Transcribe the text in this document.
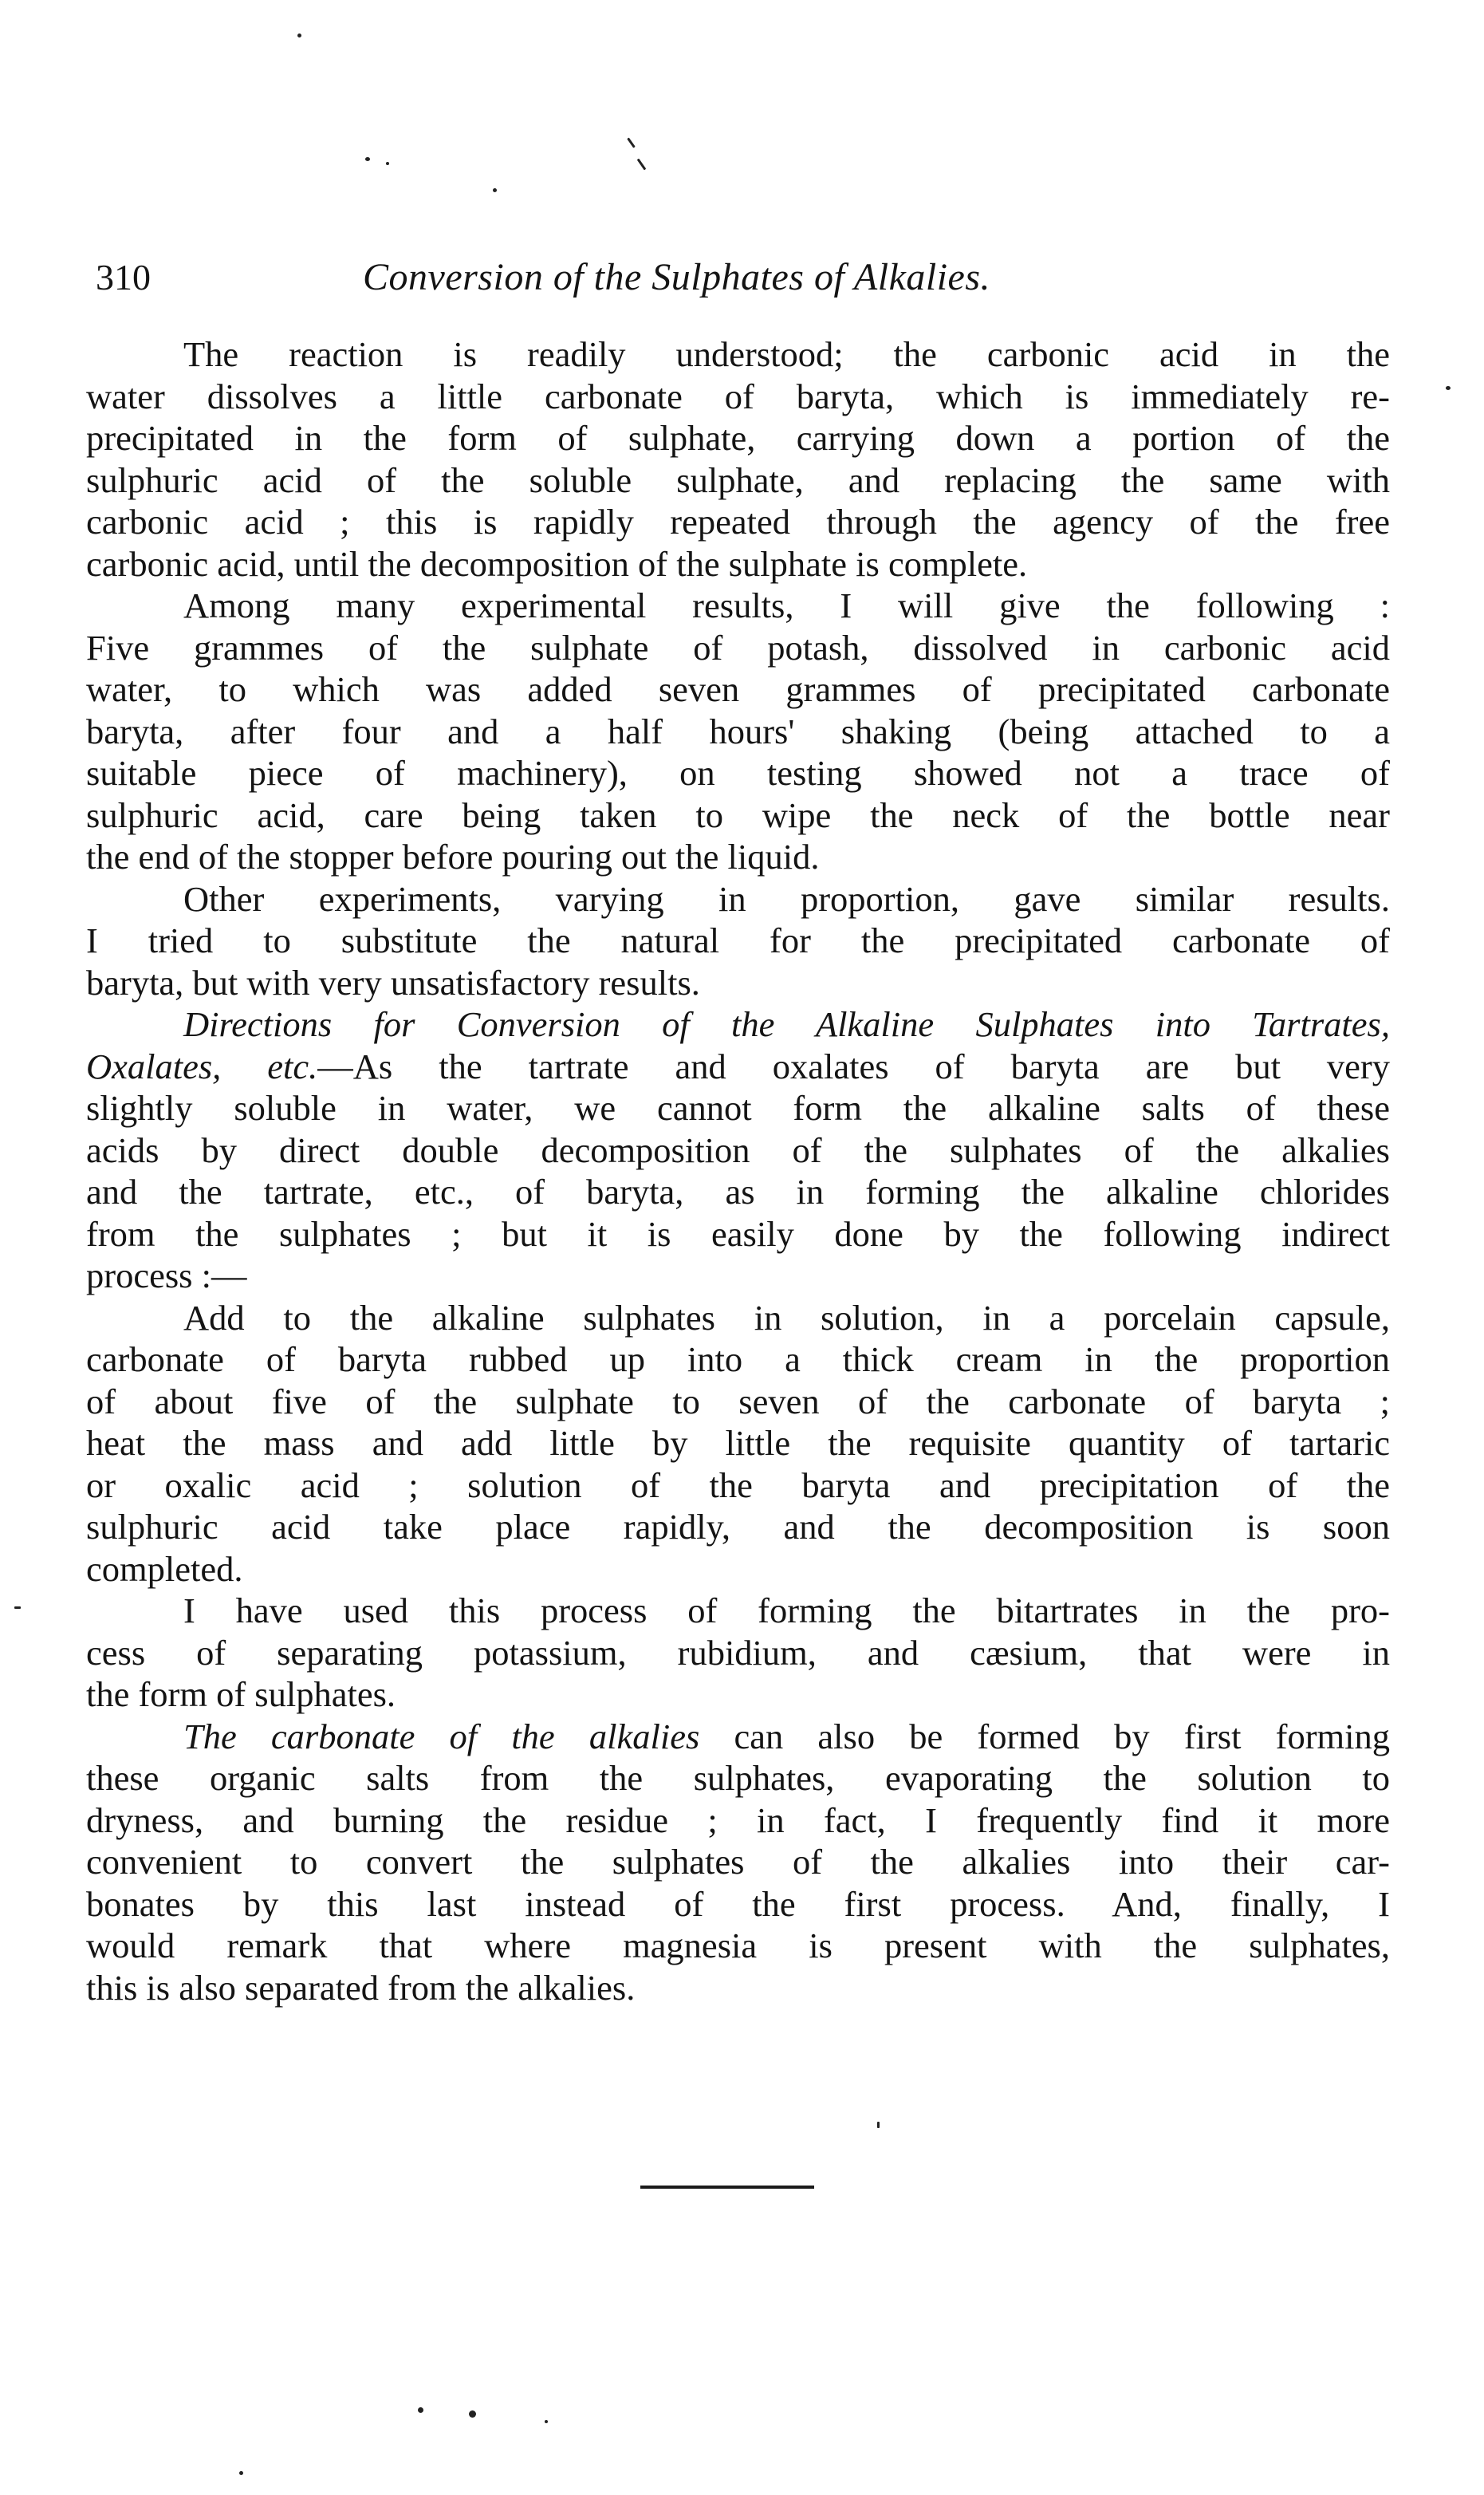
310	Conversion of the Sulphates of Alkalies.

The reaction is readily understood; the carbonic acid in the
water dissolves a little carbonate of baryta, which is immediately re-
precipitated in the form of sulphate, carrying down a portion of the
sulphuric acid of the soluble sulphate, and replacing the same with
carbonic acid ; this is rapidly repeated through the agency of the free
carbonic acid, until the decomposition of the sulphate is complete.

Among many experimental results, I will give the following :
Five grammes of the sulphate of potash, dissolved in carbonic acid
water, to which was added seven grammes of precipitated carbonate
baryta, after four and a half hours' shaking (being attached to a
suitable piece of machinery), on testing showed not a trace of
sulphuric acid, care being taken to wipe the neck of the bottle near
the end of the stopper before pouring out the liquid.

Other experiments, varying in proportion, gave similar results.
I tried to substitute the natural for the precipitated carbonate of
baryta, but with very unsatisfactory results.

Directions for Conversion of the Alkaline Sulphates into Tartrates,
Oxalates, etc.—As the tartrate and oxalates of baryta are but very
slightly soluble in water, we cannot form the alkaline salts of these
acids by direct double decomposition of the sulphates of the alkalies
and the tartrate, etc., of baryta, as in forming the alkaline chlorides
from the sulphates ; but it is easily done by the following indirect
process :—

Add to the alkaline sulphates in solution, in a porcelain capsule,
carbonate of baryta rubbed up into a thick cream in the proportion
of about five of the sulphate to seven of the carbonate of baryta ;
heat the mass and add little by little the requisite quantity of tartaric
or oxalic acid ; solution of the baryta and precipitation of the
sulphuric acid take place rapidly, and the decomposition is soon
completed.

I have used this process of forming the bitartrates in the pro-
cess of separating potassium, rubidium, and cæsium, that were in
the form of sulphates.

The carbonate of the alkalies can also be formed by first forming
these organic salts from the sulphates, evaporating the solution to
dryness, and burning the residue ; in fact, I frequently find it more
convenient to convert the sulphates of the alkalies into their car-
bonates by this last instead of the first process. And, finally, I
would remark that where magnesia is present with the sulphates,
this is also separated from the alkalies.
